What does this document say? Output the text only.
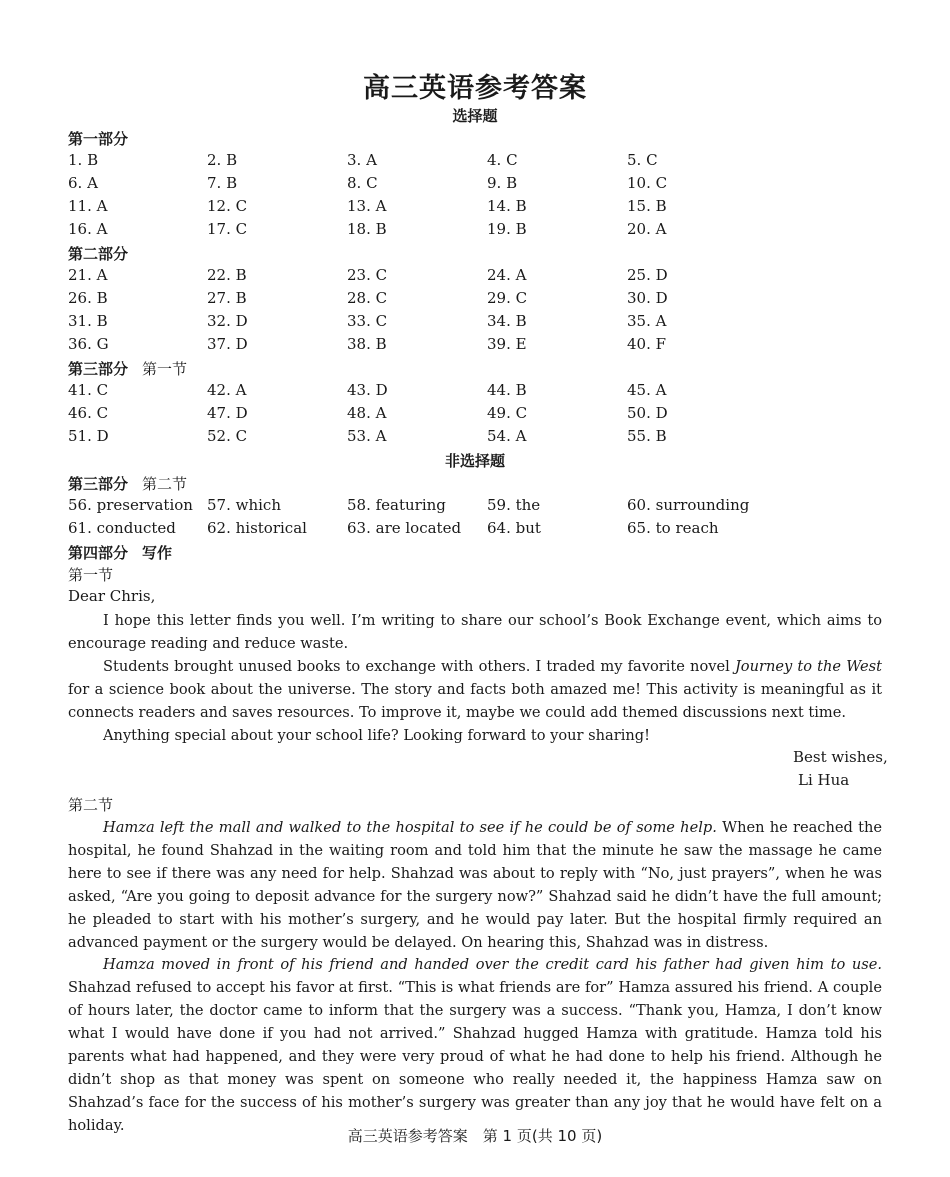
高三英语参考答案
选择题
第一部分
1. B	2. B	3. A	4. C	5. C
6. A	7. B	8. C	9. B	10. C
11. A	12. C	13. A	14. B	15. B
16. A	17. C	18. B	19. B	20. A
第二部分
21. A	22. B	23. C	24. A	25. D
26. B	27. B	28. C	29. C	30. D
31. B	32. D	33. C	34. B	35. A
36. G	37. D	38. B	39. E	40. F
第三部分 第一节
41. C	42. A	43. D	44. B	45. A
46. C	47. D	48. A	49. C	50. D
51. D	52. C	53. A	54. A	55. B
非选择题
第三部分 第二节
56. preservation 57. which	58. featuring	59. the	60. surrounding
61. conducted 62. historical	63. are located 64. but	65. to reach
第四部分 写作
第一节
Dear Chris,

I hope this letter finds you well. I’m writing to share our school’s Book Exchange event, which aims to encourage reading and reduce waste.

Students brought unused books to exchange with others. I traded my favorite novel Journey to the West for a science book about the universe. The story and facts both amazed me! This activity is meaningful as it connects readers and saves resources. To improve it, maybe we could add themed discussions next time.

Anything special about your school life? Looking forward to your sharing!

Best wishes,
Li Hua
第二节

Hamza left the mall and walked to the hospital to see if he could be of some help. When he reached the hospital, he found Shahzad in the waiting room and told him that the minute he saw the massage he came here to see if there was any need for help. Shahzad was about to reply with “No, just prayers”, when he was asked, “Are you going to deposit advance for the surgery now?” Shahzad said he didn’t have the full amount; he pleaded to start with his mother’s surgery, and he would pay later. But the hospital firmly required an advanced payment or the surgery would be delayed. On hearing this, Shahzad was in distress.

Hamza moved in front of his friend and handed over the credit card his father had given him to use. Shahzad refused to accept his favor at first. “This is what friends are for” Hamza assured his friend. A couple of hours later, the doctor came to inform that the surgery was a success. “Thank you, Hamza, I don’t know what I would have done if you had not arrived.” Shahzad hugged Hamza with gratitude. Hamza told his parents what had happened, and they were very proud of what he had done to help his friend. Although he didn’t shop as that money was spent on someone who really needed it, the happiness Hamza saw on Shahzad’s face for the success of his mother’s surgery was greater than any joy that he would have felt on a holiday.

高三英语参考答案　第 1 页(共 10 页)
